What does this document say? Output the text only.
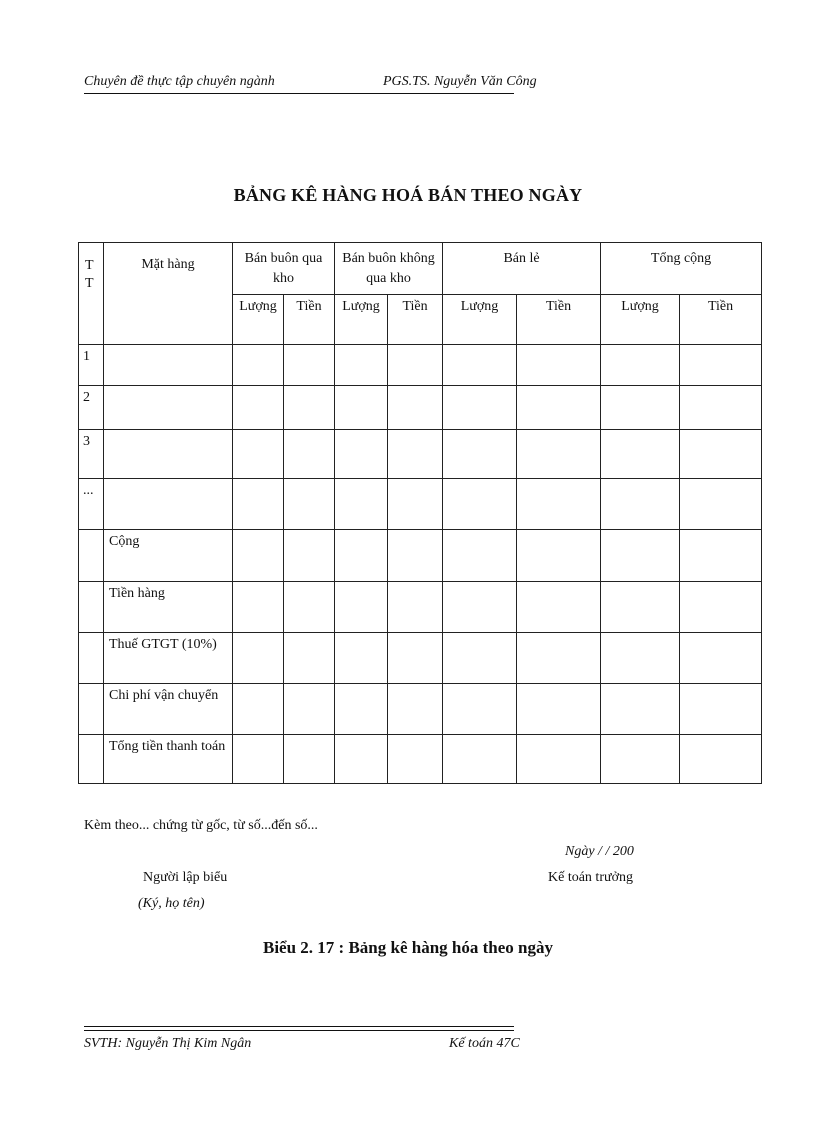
Chuyên đề thực tập chuyên ngành	PGS.TS. Nguyễn Văn Công
BẢNG KÊ HÀNG HOÁ BÁN THEO NGÀY
T T	Mặt hàng	Bán buôn qua kho		Bán buôn không qua kho		Bán lẻ		Tổng cộng	
		Lượng	Tiền	Lượng	Tiền	Lượng	Tiền	Lượng	Tiền
1									
2									
3									
...									
	Cộng								
	Tiền hàng								
	Thuế GTGT (10%)								
	Chi phí vận chuyển								
	Tổng tiền thanh toán								
Kèm theo... chứng từ gốc, từ số...đến số...
Ngày / / 200
Người lập biểu
(Ký, họ tên)
Kế toán trưởng
Biểu 2. 17 : Bảng kê hàng hóa theo ngày
SVTH: Nguyễn Thị Kim Ngân	Kế toán 47C
